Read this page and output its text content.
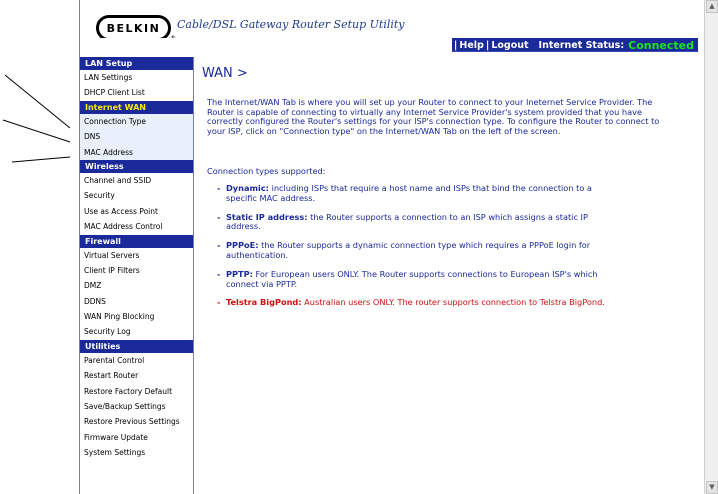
BELKIN Cable/DSL Gateway Router Setup Utility
Home | Help | Logout Internet Status: Connected
LAN Setup
LAN Settings
DHCP Client List
Internet WAN
Connection Type
DNS
MAC Address
Wireless
Channel and SSID
Security
Use as Access Point
MAC Address Control
Firewall
Virtual Servers
Client IP Filters
DMZ
DDNS
WAN Ping Blocking
Security Log
Utilities
Parental Control
Restart Router
Restore Factory Default
Save/Backup Settings
Restore Previous Settings
Firmware Update
System Settings
WAN >

The Internet/WAN Tab is where you will set up your Router to connect to your Ineternet Service Provider. The Router is capable of connecting to virtually any Internet Service Provider's system provided that you have correctly configured the Router's settings for your ISP's connection type. To configure the Router to connect to your ISP, click on "Connection type" on the Internet/WAN Tab on the left of the screen.

Connection types supported:

- Dynamic: including ISPs that require a host name and ISPs that bind the connection to a
specific MAC address.
- Static IP address: the Router supports a connection to an ISP which assigns a static IP
address.
- PPPoE: the Router supports a dynamic connection type which requires a PPPoE login for
authentication.
- PPTP: For European users ONLY. The Router supports connections to European ISP's which
connect via PPTP.
- Telstra BigPond: Australian users ONLY. The router supports connection to Telstra BigPond.
▲
▼
